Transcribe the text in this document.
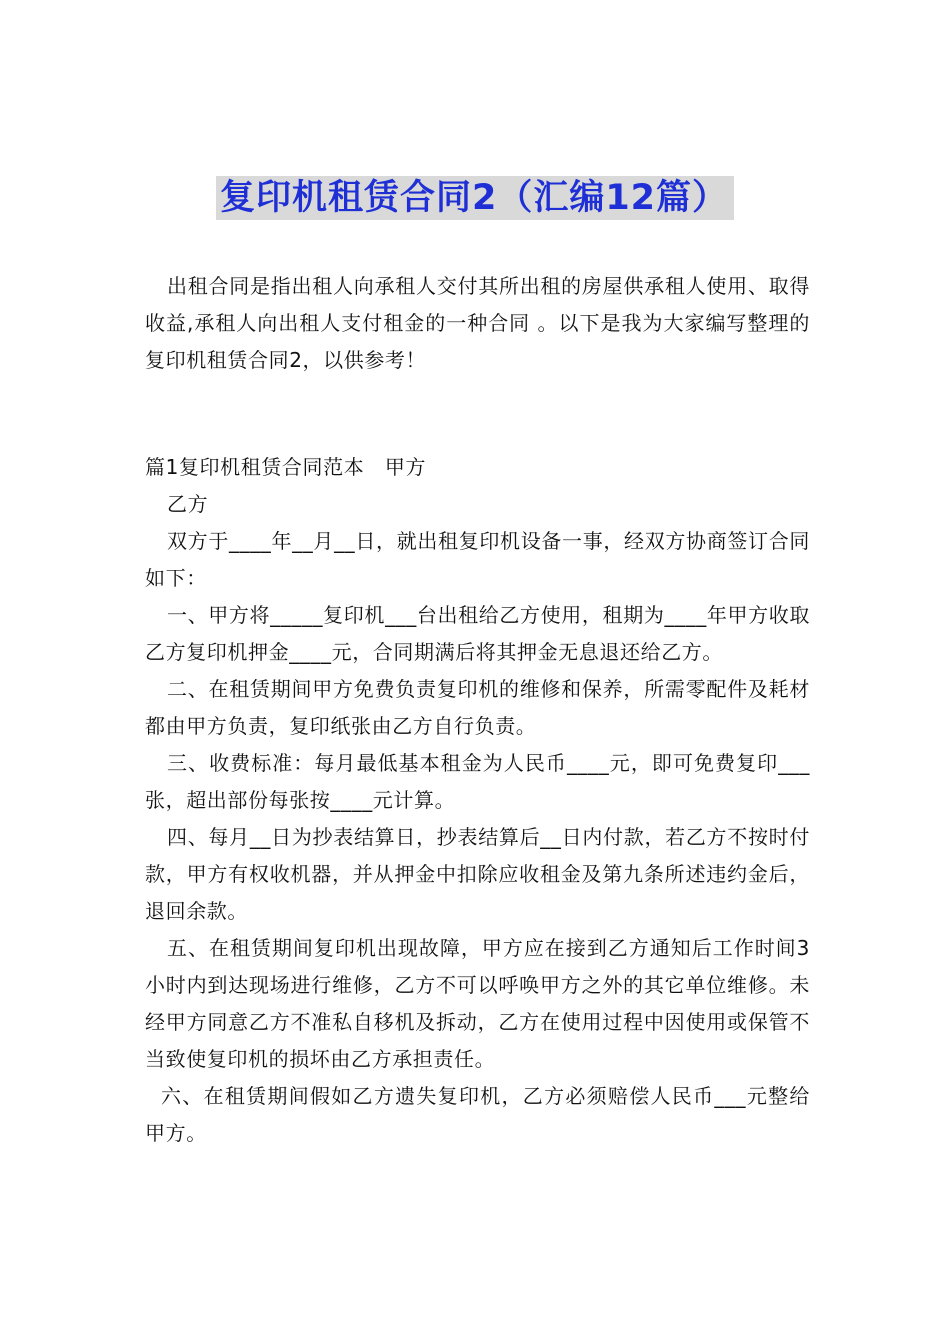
复印机租赁合同2（汇编12篇）

出租合同是指出租人向承租人交付其所出租的房屋供承租人使用、取得收益,承租人向出租人支付租金的一种合同 。以下是我为大家编写整理的复印机租赁合同2，以供参考！

篇1复印机租赁合同范本　甲方

乙方

双方于____年__月__日，就出租复印机设备一事，经双方协商签订合同如下：

一、甲方将_____复印机___台出租给乙方使用，租期为____年甲方收取乙方复印机押金____元，合同期满后将其押金无息退还给乙方。

二、在租赁期间甲方免费负责复印机的维修和保养，所需零配件及耗材都由甲方负责，复印纸张由乙方自行负责。

三、收费标准：每月最低基本租金为人民币____元，即可免费复印___张，超出部份每张按____元计算。

四、每月__日为抄表结算日，抄表结算后__日内付款，若乙方不按时付款，甲方有权收机器，并从押金中扣除应收租金及第九条所述违约金后，退回余款。

五、在租赁期间复印机出现故障，甲方应在接到乙方通知后工作时间3小时内到达现场进行维修，乙方不可以呼唤甲方之外的其它单位维修。未经甲方同意乙方不准私自移机及拆动，乙方在使用过程中因使用或保管不当致使复印机的损坏由乙方承担责任。

六、在租赁期间假如乙方遗失复印机，乙方必须赔偿人民币___元整给甲方。
